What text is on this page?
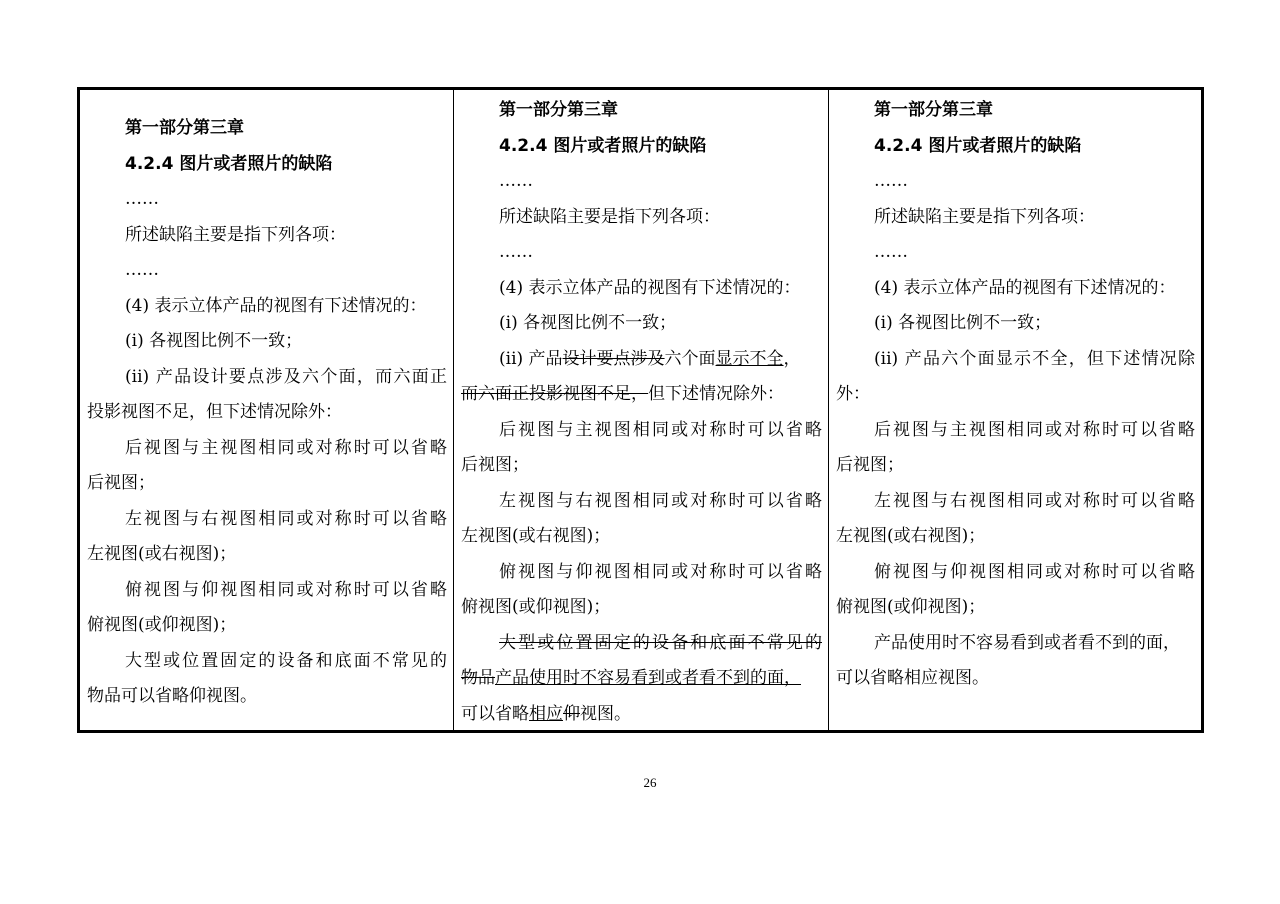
第一部分第三章
4.2.4 图片或者照片的缺陷
……
所述缺陷主要是指下列各项：
……
(4) 表示立体产品的视图有下述情况的：
(i) 各视图比例不一致；
(ii) 产品设计要点涉及六个面，而六面正
投影视图不足，但下述情况除外：
后视图与主视图相同或对称时可以省略
后视图；
左视图与右视图相同或对称时可以省略
左视图(或右视图)；
俯视图与仰视图相同或对称时可以省略
俯视图(或仰视图)；
大型或位置固定的设备和底面不常见的
物品可以省略仰视图。
第一部分第三章
4.2.4 图片或者照片的缺陷
……
所述缺陷主要是指下列各项：
……
(4) 表示立体产品的视图有下述情况的：
(i) 各视图比例不一致；
(ii) 产品设计要点涉及六个面显示不全，
而六面正投影视图不足，但下述情况除外：
后视图与主视图相同或对称时可以省略
后视图；
左视图与右视图相同或对称时可以省略
左视图(或右视图)；
俯视图与仰视图相同或对称时可以省略
俯视图(或仰视图)；
大型或位置固定的设备和底面不常见的
物品产品使用时不容易看到或者看不到的面，
可以省略相应仰视图。
第一部分第三章
4.2.4 图片或者照片的缺陷
……
所述缺陷主要是指下列各项：
……
(4) 表示立体产品的视图有下述情况的：
(i) 各视图比例不一致；
(ii) 产品六个面显示不全，但下述情况除
外：
后视图与主视图相同或对称时可以省略
后视图；
左视图与右视图相同或对称时可以省略
左视图(或右视图)；
俯视图与仰视图相同或对称时可以省略
俯视图(或仰视图)；
产品使用时不容易看到或者看不到的面，
可以省略相应视图。
26
